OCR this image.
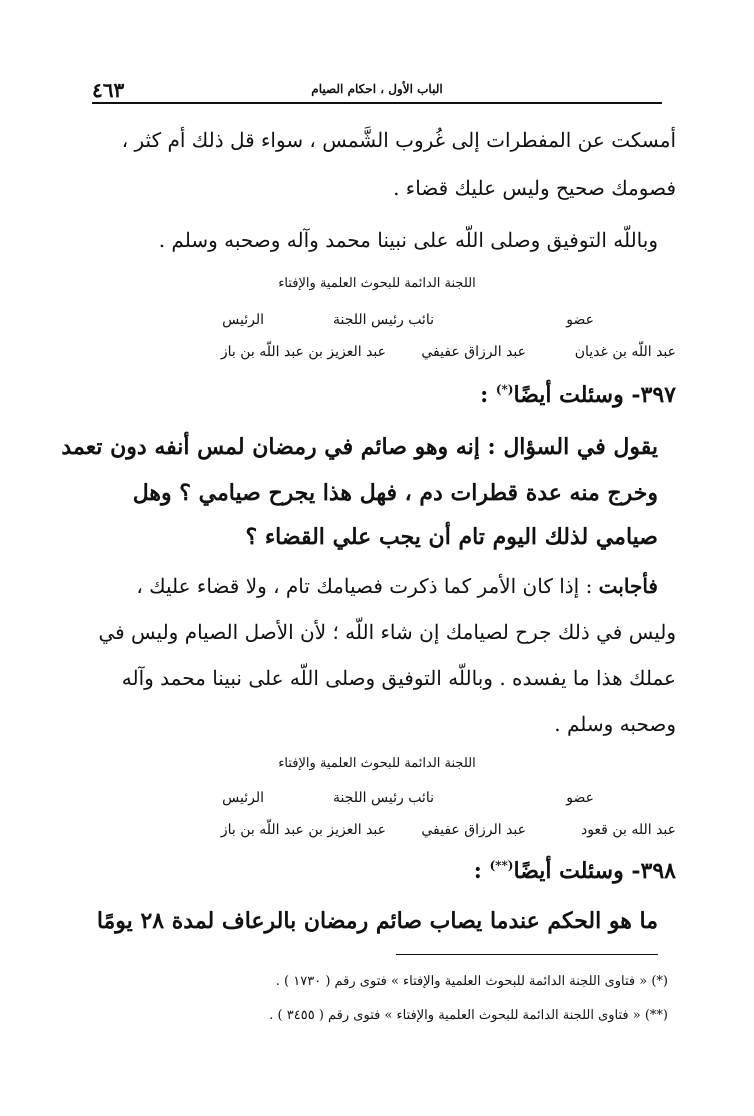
٤٦٣	الباب الأول ، احكام الصيام
أمسكت عن المفطرات إلى غُروب الشَّمس ، سواء قل ذلك أم كثر ،
فصومك صحيح وليس عليك قضاء .
وباللّه التوفيق وصلى اللّه على نبينا محمد وآله وصحبه وسلم .
اللجنة الدائمة للبحوث العلمية والإفتاء
عضو
نائب رئيس اللجنة
الرئيس
عبد اللّه بن غديان
عبد الرزاق عفيفي
عبد العزيز بن عبد اللّه بن باز
٣٩٧- وسئلت أيضًا(*) :
يقول في السؤال : إنه وهو صائم في رمضان لمس أنفه دون تعمد
وخرج منه عدة قطرات دم ، فهل هذا يجرح صيامي ؟ وهل
صيامي لذلك اليوم تام أن يجب علي القضاء ؟
فأجابت : إذا كان الأمر كما ذكرت فصيامك تام ، ولا قضاء عليك ،
وليس في ذلك جرح لصيامك إن شاء اللّه ؛ لأن الأصل الصيام وليس في
عملك هذا ما يفسده . وباللّه التوفيق وصلى اللّه على نبينا محمد وآله
وصحبه وسلم .
اللجنة الدائمة للبحوث العلمية والإفتاء
عضو
نائب رئيس اللجنة
الرئيس
عبد الله بن قعود
عبد الرزاق عفيفي
عبد العزيز بن عبد اللّه بن باز
٣٩٨- وسئلت أيضًا(**) :
ما هو الحكم عندما يصاب صائم رمضان بالرعاف لمدة ٢٨ يومًا
(*) « فتاوى اللجنة الدائمة للبحوث العلمية والإفتاء » فتوى رقم ( ١٧٣٠ ) .
(**) « فتاوى اللجنة الدائمة للبحوث العلمية والإفتاء » فتوى رقم ( ٣٤٥٥ ) .
